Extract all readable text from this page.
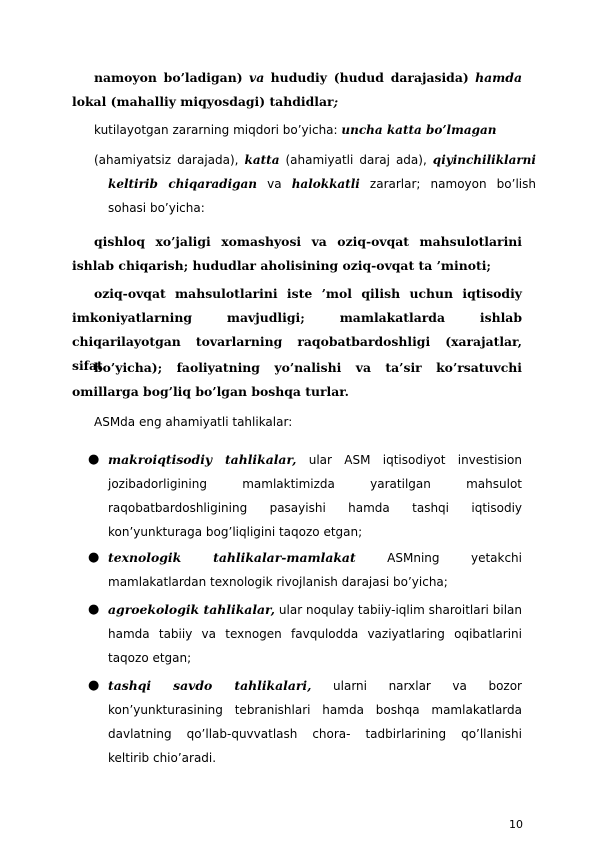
namoyon bo’ladigan) va hududiy (hudud darajasida) hamda lokal (mahalliy miqyosdagi) tahdidlar;
kutilayotgan zararning miqdori bo’yicha: uncha katta bo’lmagan
(ahamiyatsiz darajada), katta (ahamiyatli daraj ada), qiyinchiliklarni keltirib chiqaradigan va halokkatli zararlar; namoyon bo’lish sohasi bo’yicha:
qishloq xo’jaligi xomashyosi va oziq-ovqat mahsulotlarini ishlab chiqarish; hududlar aholisining oziq-ovqat ta ’minoti;
oziq-ovqat mahsulotlarini iste ’mol qilish uchun iqtisodiy imkoniyatlarning mavjudligi; mamlakatlarda ishlab chiqarilayotgan tovarlarning raqobatbardoshligi (xarajatlar, sifat
bo’yicha); faoliyatning yo’nalishi va ta’sir ko’rsatuvchi omillarga bog’liq bo’lgan boshqa turlar.
ASMda eng ahamiyatli tahlikalar:
● makroiqtisodiy tahlikalar, ular ASM iqtisodiyot investision jozibadorligining mamlaktimizda yaratilgan mahsulot raqobatbardoshligining pasayishi hamda tashqi iqtisodiy kon’yunkturaga bog’liqligini taqozo etgan;
● texnologik tahlikalar-mamlakat ASMning yetakchi mamlakatlardan texnologik rivojlanish darajasi bo’yicha;
● agroekologik tahlikalar, ular noqulay tabiiy-iqlim sharoitlari bilan hamda tabiiy va texnogen favqulodda vaziyatlaring oqibatlarini taqozo etgan;
● tashqi savdo tahlikalari, ularni narxlar va bozor kon’yunkturasining tebranishlari hamda boshqa mamlakatlarda davlatning qo’llab-quvvatlash chora- tadbirlarining qo’llanishi keltirib chio’aradi.
10
